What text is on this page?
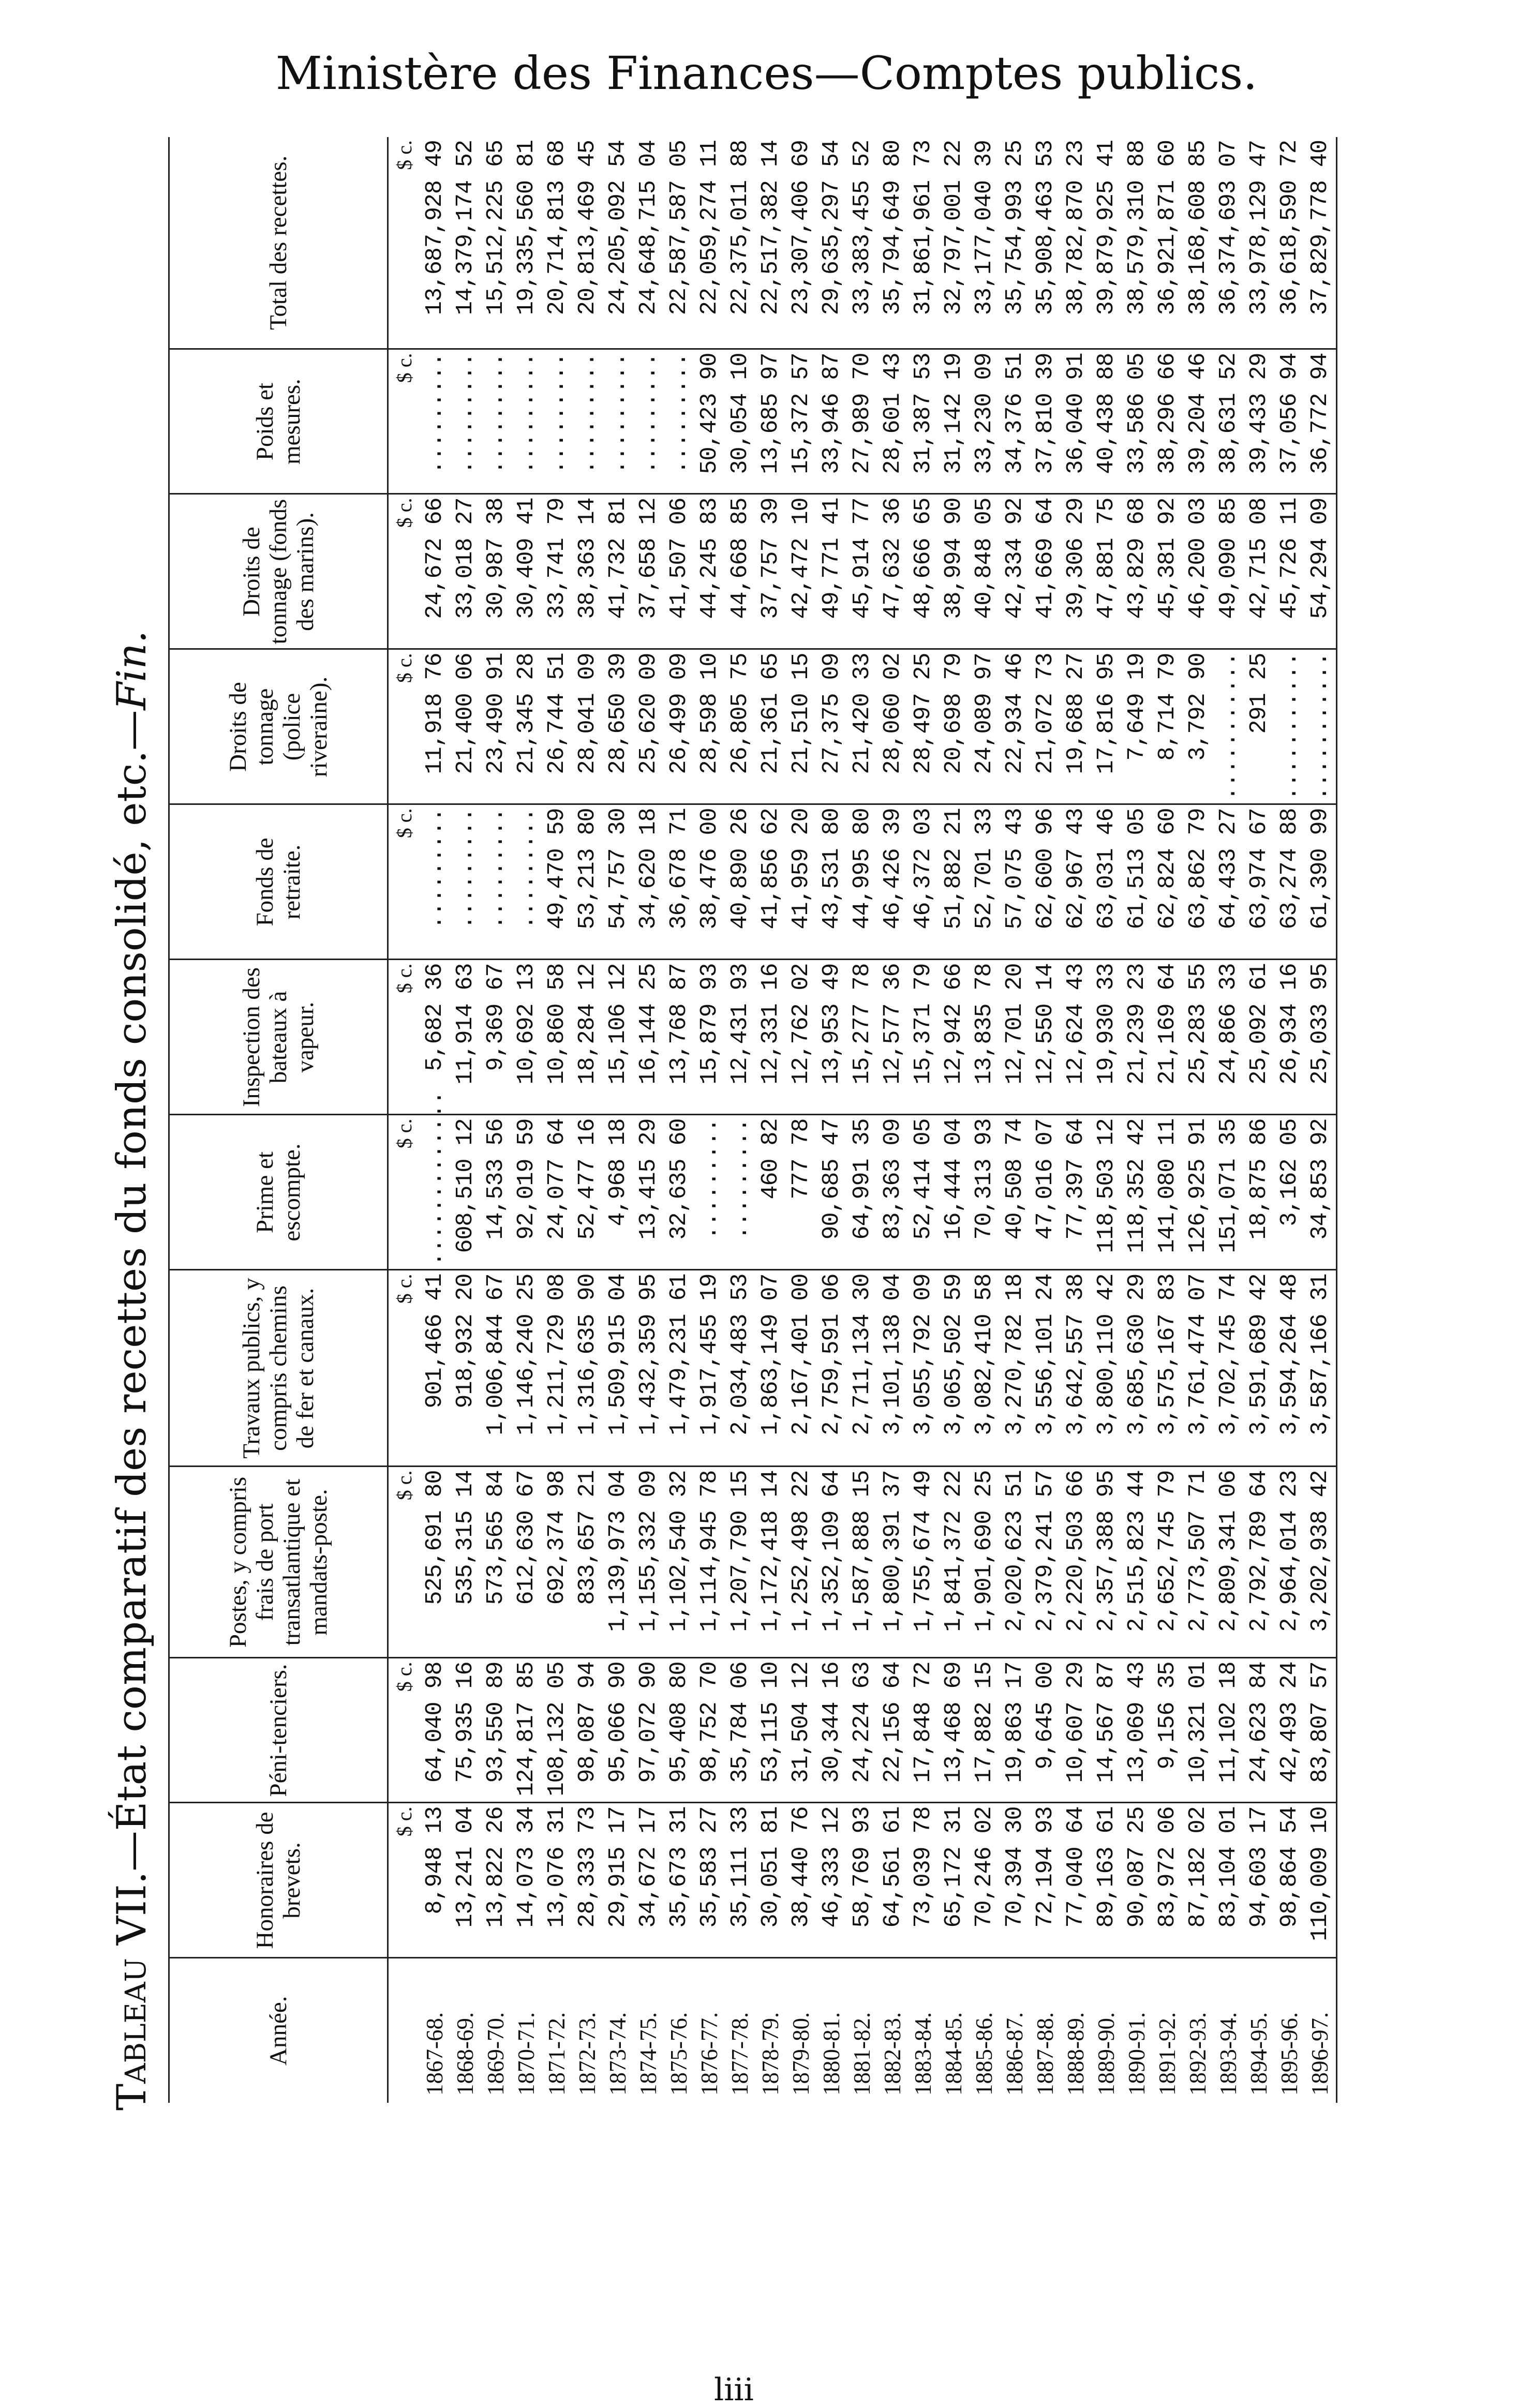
Ministère des Finances—Comptes publics.
Tableau VII.—État comparatif des recettes du fonds consolidé, etc.—Fin.
Année.	Honoraires de brevets.	Péni-tenciers.	Postes, y compris frais de port transatlantique et mandats-poste.	Travaux publics, y compris chemins de fer et canaux.	Prime et escompte.	Inspection des bateaux à vapeur.	Fonds de retraite.	Droits de tonnage (police riveraine).	Droits de tonnage (fonds des marins).	Poids et mesures.	Total des recettes.
	$ c.	$ c.	$ c.	$ c.	$ c.	$ c.	$ c.	$ c.	$ c.	$ c.	$ c.
1867-68.	8,948 13	64,040 98	525,691 80	901,466 41	.............	5,682 36	.........	11,918 76	24,672 66	.........	13,687,928 49
1868-69.	13,241 04	75,935 16	535,315 14	918,932 20	608,510 12	11,914 63	.........	21,400 06	33,018 27	.........	14,379,174 52
1869-70.	13,822 26	93,550 89	573,565 84	1,006,844 67	14,533 56	9,369 67	.........	23,490 91	30,987 38	.........	15,512,225 65
1870-71.	14,073 34	124,817 85	612,630 67	1,146,240 25	92,019 59	10,692 13	.........	21,345 28	30,409 41	.........	19,335,560 81
1871-72.	13,076 31	108,132 05	692,374 98	1,211,729 08	24,077 64	10,860 58	49,470 59	26,744 51	33,741 79	.........	20,714,813 68
1872-73.	28,333 73	98,087 94	833,657 21	1,316,635 90	52,477 16	18,284 12	53,213 80	28,041 09	38,363 14	.........	20,813,469 45
1873-74.	29,915 17	95,066 90	1,139,973 04	1,509,915 04	4,968 18	15,106 12	54,757 30	28,650 39	41,732 81	.........	24,205,092 54
1874-75.	34,672 17	97,072 90	1,155,332 09	1,432,359 95	13,415 29	16,144 25	34,620 18	25,620 09	37,658 12	.........	24,648,715 04
1875-76.	35,673 31	95,408 80	1,102,540 32	1,479,231 61	32,635 60	13,768 87	36,678 71	26,499 09	41,507 06	.........	22,587,587 05
1876-77.	35,583 27	98,752 70	1,114,945 78	1,917,455 19	.........	15,879 93	38,476 00	28,598 10	44,245 83	50,423 90	22,059,274 11
1877-78.	35,111 33	35,784 06	1,207,790 15	2,034,483 53	.........	12,431 93	40,890 26	26,805 75	44,668 85	30,054 10	22,375,011 88
1878-79.	30,051 81	53,115 10	1,172,418 14	1,863,149 07	460 82	12,331 16	41,856 62	21,361 65	37,757 39	13,685 97	22,517,382 14
1879-80.	38,440 76	31,504 12	1,252,498 22	2,167,401 00	777 78	12,762 02	41,959 20	21,510 15	42,472 10	15,372 57	23,307,406 69
1880-81.	46,333 12	30,344 16	1,352,109 64	2,759,591 06	90,685 47	13,953 49	43,531 80	27,375 09	49,771 41	33,946 87	29,635,297 54
1881-82.	58,769 93	24,224 63	1,587,888 15	2,711,134 30	64,991 35	15,277 78	44,995 80	21,420 33	45,914 77	27,989 70	33,383,455 52
1882-83.	64,561 61	22,156 64	1,800,391 37	3,101,138 04	83,363 09	12,577 36	46,426 39	28,060 02	47,632 36	28,601 43	35,794,649 80
1883-84.	73,039 78	17,848 72	1,755,674 49	3,055,792 09	52,414 05	15,371 79	46,372 03	28,497 25	48,666 65	31,387 53	31,861,961 73
1884-85.	65,172 31	13,468 69	1,841,372 22	3,065,502 59	16,444 04	12,942 66	51,882 21	20,698 79	38,994 90	31,142 19	32,797,001 22
1885-86.	70,246 02	17,882 15	1,901,690 25	3,082,410 58	70,313 93	13,835 78	52,701 33	24,089 97	40,848 05	33,230 09	33,177,040 39
1886-87.	70,394 30	19,863 17	2,020,623 51	3,270,782 18	40,508 74	12,701 20	57,075 43	22,934 46	42,334 92	34,376 51	35,754,993 25
1887-88.	72,194 93	9,645 00	2,379,241 57	3,556,101 24	47,016 07	12,550 14	62,600 96	21,072 73	41,669 64	37,810 39	35,908,463 53
1888-89.	77,040 64	10,607 29	2,220,503 66	3,642,557 38	77,397 64	12,624 43	62,967 43	19,688 27	39,306 29	36,040 91	38,782,870 23
1889-90.	89,163 61	14,567 87	2,357,388 95	3,800,110 42	118,503 12	19,930 33	63,031 46	17,816 95	47,881 75	40,438 88	39,879,925 41
1890-91.	90,087 25	13,069 43	2,515,823 44	3,685,630 29	118,352 42	21,239 23	61,513 05	7,649 19	43,829 68	33,586 05	38,579,310 88
1891-92.	83,972 06	9,156 35	2,652,745 79	3,575,167 83	141,080 11	21,169 64	62,824 60	8,714 79	45,381 92	38,296 66	36,921,871 60
1892-93.	87,182 02	10,321 01	2,773,507 71	3,761,474 07	126,925 91	25,283 55	63,862 79	3,792 90	46,200 03	39,204 46	38,168,608 85
1893-94.	83,104 01	11,102 18	2,809,341 06	3,702,745 74	151,071 35	24,866 33	64,433 27	...........	49,090 85	38,631 52	36,374,693 07
1894-95.	94,603 17	24,623 84	2,792,789 64	3,591,689 42	18,875 86	25,092 61	63,974 67	291 25	42,715 08	39,433 29	33,978,129 47
1895-96.	98,864 54	42,493 24	2,964,014 23	3,594,264 48	3,162 05	26,934 16	63,274 88	...........	45,726 11	37,056 94	36,618,590 72
1896-97.	110,009 10	83,807 57	3,202,938 42	3,587,166 31	34,853 92	25,033 95	61,390 99	...........	54,294 09	36,772 94	37,829,778 40

liii
